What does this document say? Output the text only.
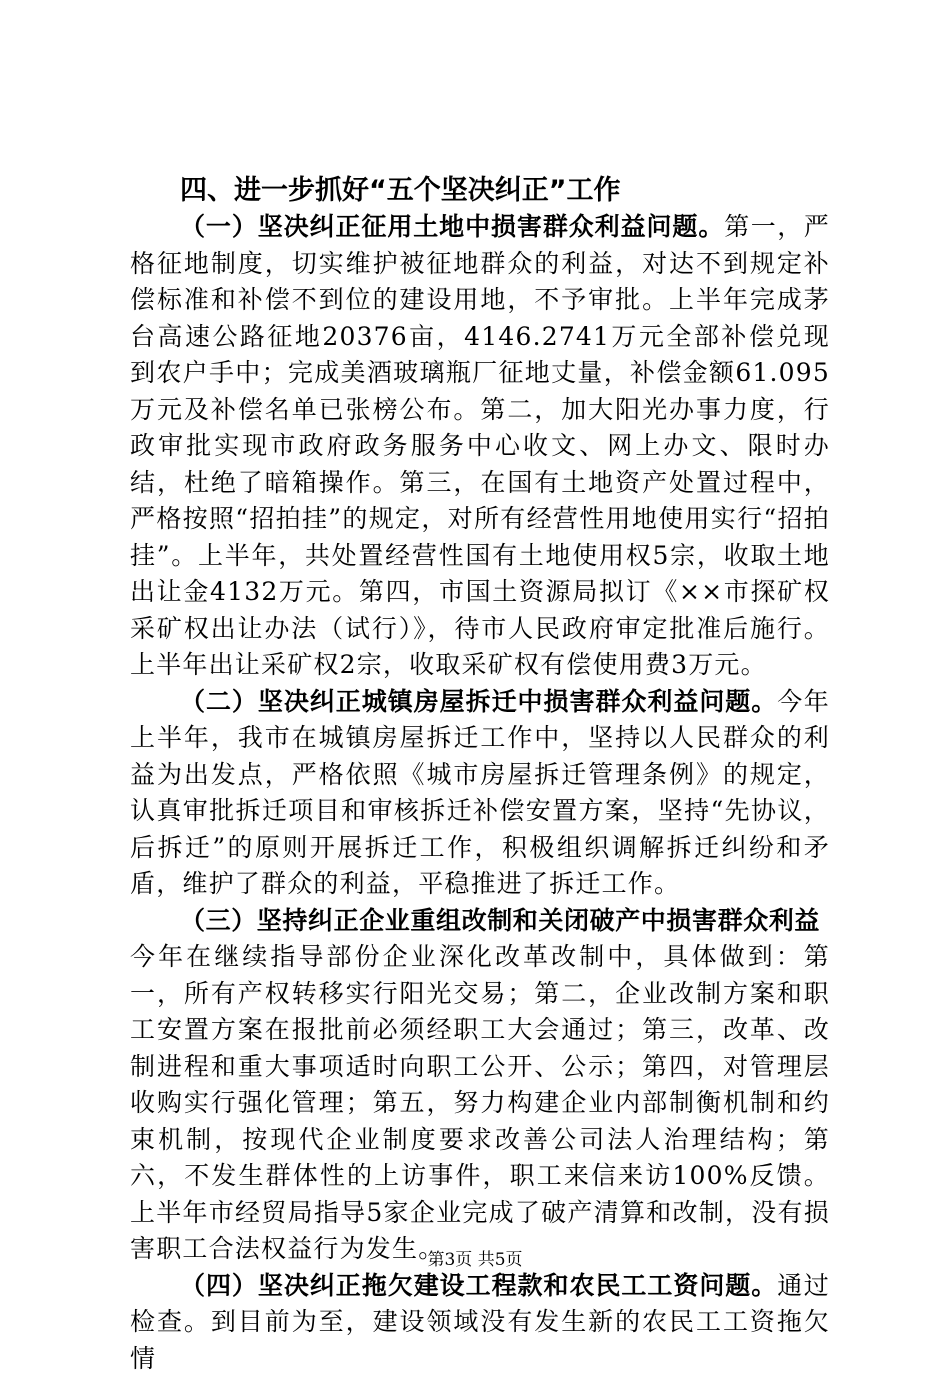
四、进一步抓好“五个坚决纠正”工作

（一）坚决纠正征用土地中损害群众利益问题。第一，严格征地制度，切实维护被征地群众的利益，对达不到规定补偿标准和补偿不到位的建设用地，不予审批。上半年完成茅台高速公路征地20376亩，4146.2741万元全部补偿兑现到农户手中；完成美酒玻璃瓶厂征地丈量，补偿金额61.095万元及补偿名单已张榜公布。第二，加大阳光办事力度，行政审批实现市政府政务服务中心收文、网上办文、限时办结，杜绝了暗箱操作。第三，在国有土地资产处置过程中，严格按照“招拍挂”的规定，对所有经营性用地使用实行“招拍挂”。上半年，共处置经营性国有土地使用权5宗，收取土地出让金4132万元。第四，市国土资源局拟订《××市探矿权采矿权出让办法（试行）》，待市人民政府审定批准后施行。上半年出让采矿权2宗，收取采矿权有偿使用费3万元。

（二）坚决纠正城镇房屋拆迁中损害群众利益问题。今年上半年，我市在城镇房屋拆迁工作中，坚持以人民群众的利益为出发点，严格依照《城市房屋拆迁管理条例》的规定，认真审批拆迁项目和审核拆迁补偿安置方案，坚持“先协议，后拆迁”的原则开展拆迁工作，积极组织调解拆迁纠纷和矛盾，维护了群众的利益，平稳推进了拆迁工作。

（三）坚持纠正企业重组改制和关闭破产中损害群众利益
今年在继续指导部份企业深化改革改制中，具体做到：第一，所有产权转移实行阳光交易；第二，企业改制方案和职工安置方案在报批前必须经职工大会通过；第三，改革、改制进程和重大事项适时向职工公开、公示；第四，对管理层收购实行强化管理；第五，努力构建企业内部制衡机制和约束机制，按现代企业制度要求改善公司法人治理结构；第六，不发生群体性的上访事件，职工来信来访100%反馈。上半年市经贸局指导5家企业完成了破产清算和改制，没有损害职工合法权益行为发生。

（四）坚决纠正拖欠建设工程款和农民工工资问题。通过检查。到目前为至，建设领域没有发生新的农民工工资拖欠情

第3页 共5页
